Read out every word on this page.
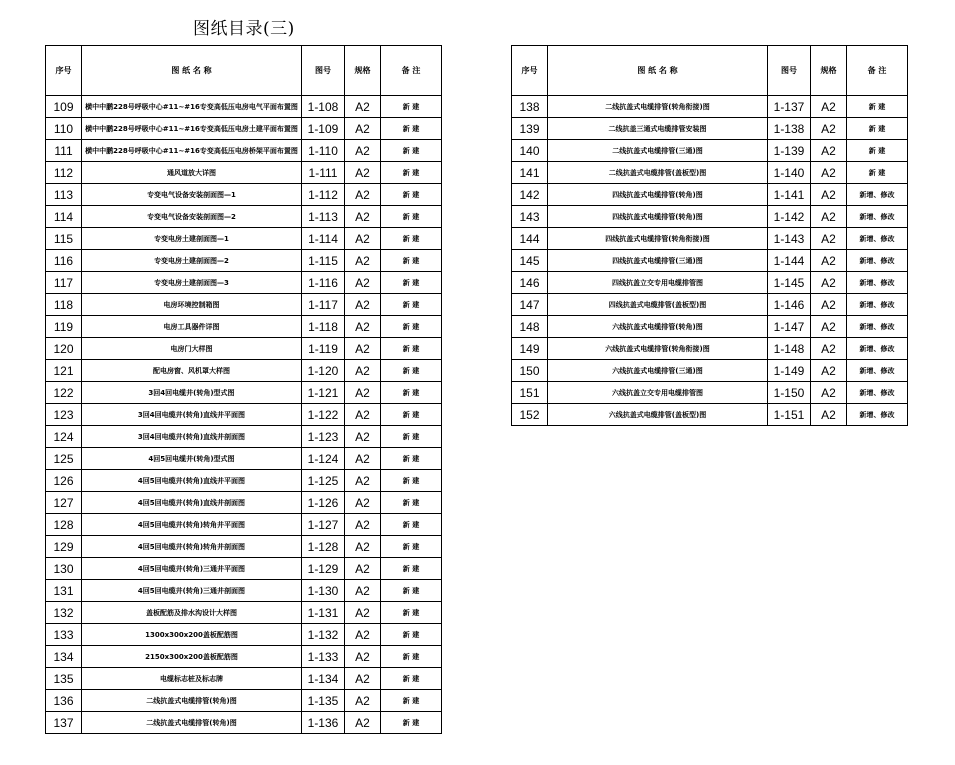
图纸目录(三)
序号	图 纸 名 称	图号	规格	备 注
109	横中中鹏228号呼吸中心#11~#16专变高低压电房电气平面布置图	1-108	A2	新 建
110	横中中鹏228号呼吸中心#11~#16专变高低压电房土建平面布置图	1-109	A2	新 建
111	横中中鹏228号呼吸中心#11~#16专变高低压电房桥架平面布置图	1-110	A2	新 建
112	通风道放大详图	1-111	A2	新 建
113	专变电气设备安装剖面图—1	1-112	A2	新 建
114	专变电气设备安装剖面图—2	1-113	A2	新 建
115	专变电房土建剖面图—1	1-114	A2	新 建
116	专变电房土建剖面图—2	1-115	A2	新 建
117	专变电房土建剖面图—3	1-116	A2	新 建
118	电房环境控制箱图	1-117	A2	新 建
119	电房工具器件详图	1-118	A2	新 建
120	电房门大样图	1-119	A2	新 建
121	配电房窗、风机罩大样图	1-120	A2	新 建
122	3回4回电缆井(转角)型式图	1-121	A2	新 建
123	3回4回电缆井(转角)直线井平面图	1-122	A2	新 建
124	3回4回电缆井(转角)直线井剖面图	1-123	A2	新 建
125	4回5回电缆井(转角)型式图	1-124	A2	新 建
126	4回5回电缆井(转角)直线井平面图	1-125	A2	新 建
127	4回5回电缆井(转角)直线井剖面图	1-126	A2	新 建
128	4回5回电缆井(转角)转角井平面图	1-127	A2	新 建
129	4回5回电缆井(转角)转角井剖面图	1-128	A2	新 建
130	4回5回电缆井(转角)三通井平面图	1-129	A2	新 建
131	4回5回电缆井(转角)三通井剖面图	1-130	A2	新 建
132	盖板配筋及排水沟设计大样图	1-131	A2	新 建
133	1300x300x200盖板配筋图	1-132	A2	新 建
134	2150x300x200盖板配筋图	1-133	A2	新 建
135	电缆标志桩及标志牌	1-134	A2	新 建
136	二线抗盖式电缆排管(转角)图	1-135	A2	新 建
137	二线抗盖式电缆排管(转角)图	1-136	A2	新 建
序号	图 纸 名 称	图号	规格	备 注
138	二线抗盖式电缆排管(转角衔接)图	1-137	A2	新 建
139	二线抗盖三通式电缆排管安装图	1-138	A2	新 建
140	二线抗盖式电缆排管(三通)图	1-139	A2	新 建
141	二线抗盖式电缆排管(盖板型)图	1-140	A2	新 建
142	四线抗盖式电缆排管(转角)图	1-141	A2	新增、修改
143	四线抗盖式电缆排管(转角)图	1-142	A2	新增、修改
144	四线抗盖式电缆排管(转角衔接)图	1-143	A2	新增、修改
145	四线抗盖式电缆排管(三通)图	1-144	A2	新增、修改
146	四线抗盖立交专用电缆排管图	1-145	A2	新增、修改
147	四线抗盖式电缆排管(盖板型)图	1-146	A2	新增、修改
148	六线抗盖式电缆排管(转角)图	1-147	A2	新增、修改
149	六线抗盖式电缆排管(转角衔接)图	1-148	A2	新增、修改
150	六线抗盖式电缆排管(三通)图	1-149	A2	新增、修改
151	六线抗盖立交专用电缆排管图	1-150	A2	新增、修改
152	六线抗盖式电缆排管(盖板型)图	1-151	A2	新增、修改
